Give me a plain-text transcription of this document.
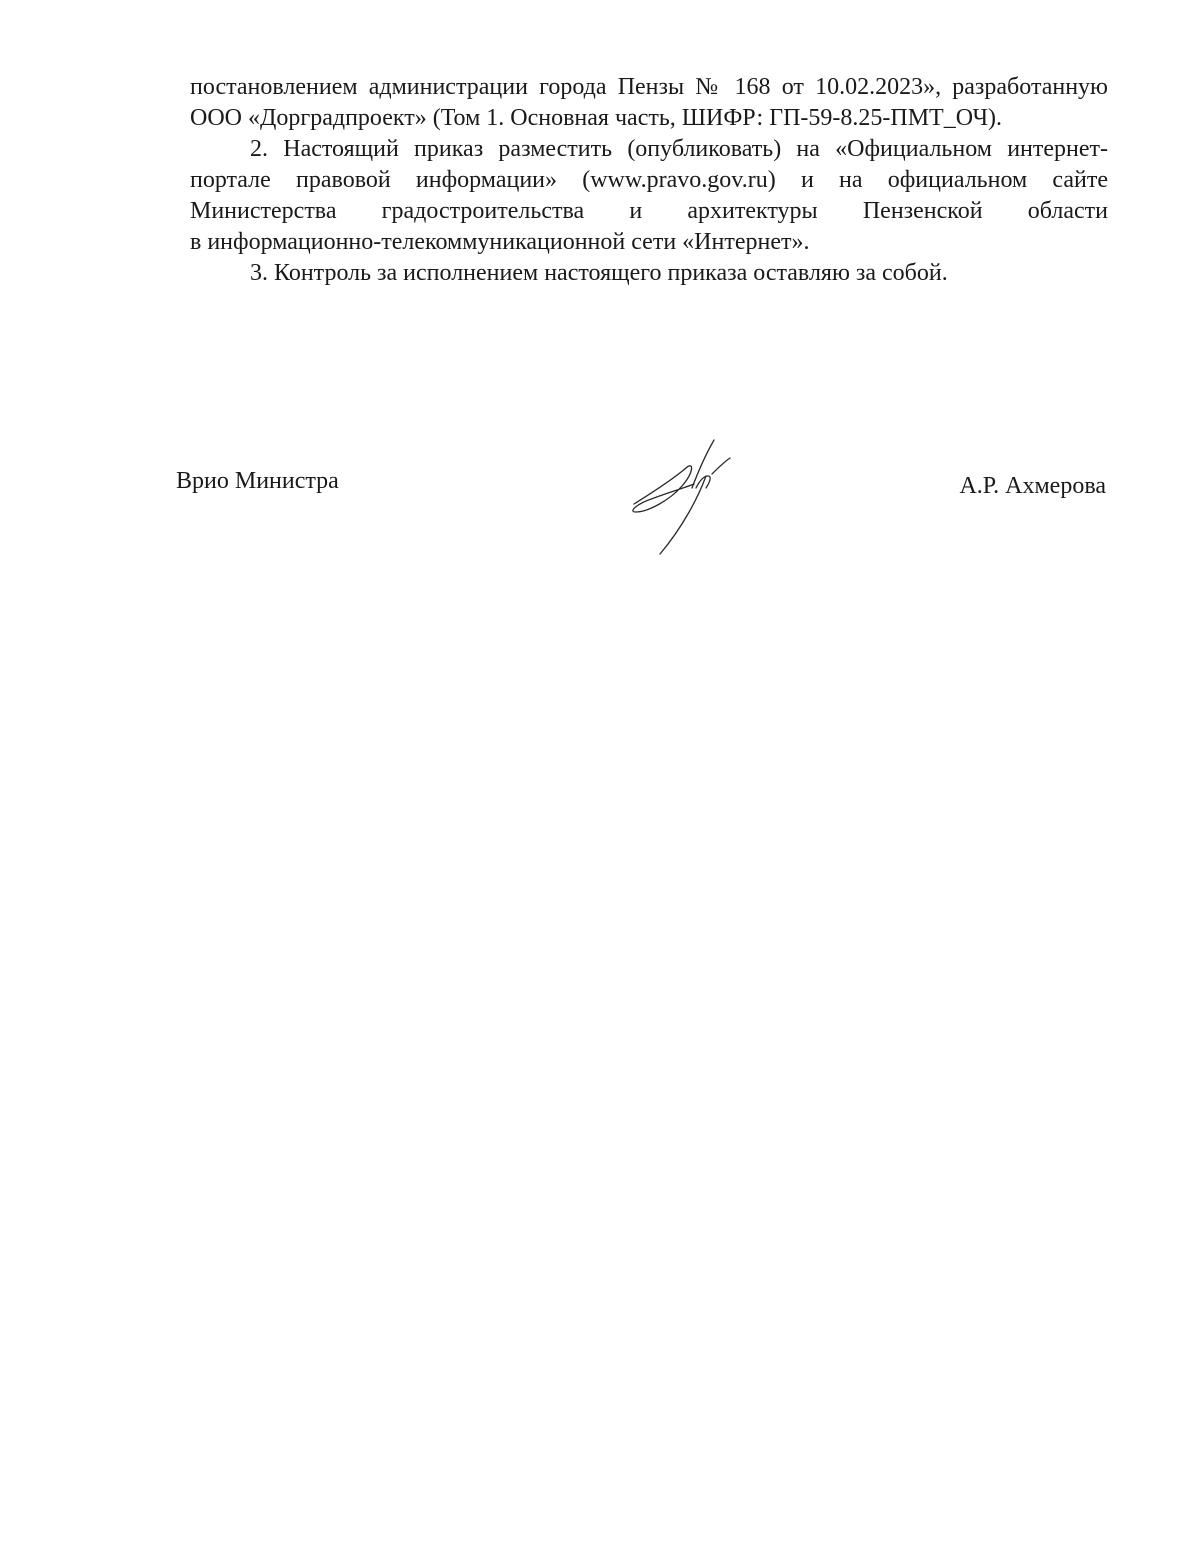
постановлением администрации города Пензы № 168 от 10.02.2023», разработанную
ООО «Дорградпроект» (Том 1. Основная часть, ШИФР: ГП-59-8.25-ПМТ_ОЧ).
2. Настоящий приказ разместить (опубликовать) на «Официальном интернет-
портале правовой информации» (www.pravo.gov.ru) и на официальном сайте
Министерства градостроительства и архитектуры Пензенской области
в информационно-телекоммуникационной сети «Интернет».
3. Контроль за исполнением настоящего приказа оставляю за собой.
Врио Министра	А.Р. Ахмерова
